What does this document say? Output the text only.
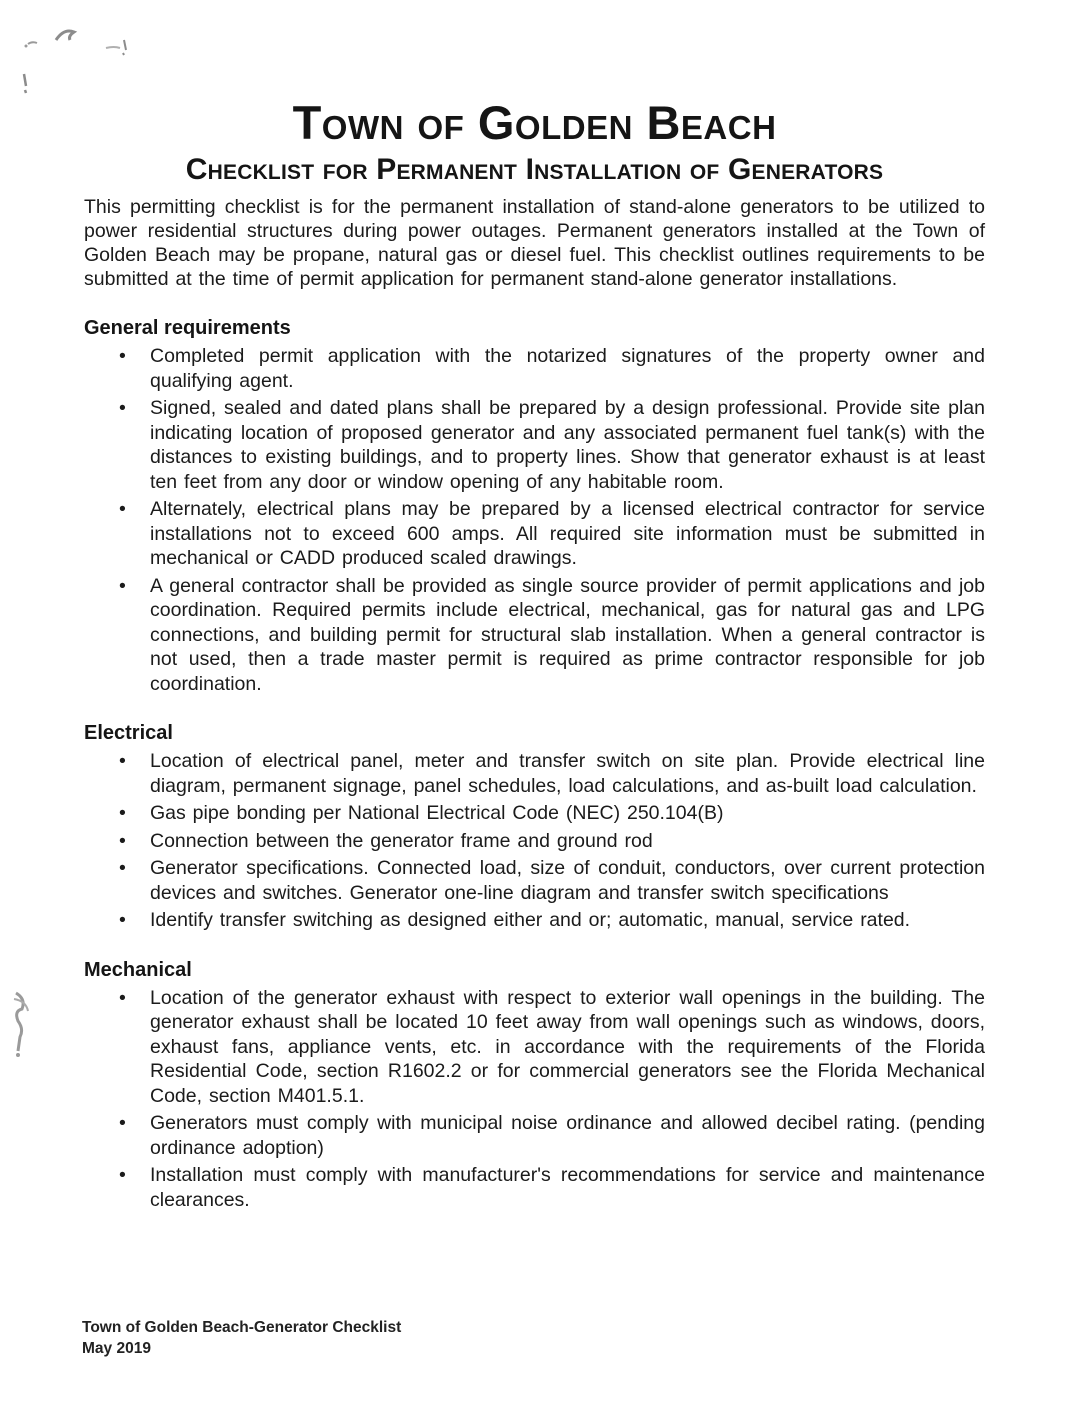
Town of Golden Beach
Checklist for Permanent Installation of Generators

This permitting checklist is for the permanent installation of stand-alone generators to be utilized to power residential structures during power outages. Permanent generators installed at the Town of Golden Beach may be propane, natural gas or diesel fuel. This checklist outlines requirements to be submitted at the time of permit application for permanent stand-alone generator installations.

General requirements
• Completed permit application with the notarized signatures of the property owner and qualifying agent.
• Signed, sealed and dated plans shall be prepared by a design professional. Provide site plan indicating location of proposed generator and any associated permanent fuel tank(s) with the distances to existing buildings, and to property lines. Show that generator exhaust is at least ten feet from any door or window opening of any habitable room.
• Alternately, electrical plans may be prepared by a licensed electrical contractor for service installations not to exceed 600 amps. All required site information must be submitted in mechanical or CADD produced scaled drawings.
• A general contractor shall be provided as single source provider of permit applications and job coordination. Required permits include electrical, mechanical, gas for natural gas and LPG connections, and building permit for structural slab installation. When a general contractor is not used, then a trade master permit is required as prime contractor responsible for job coordination.
Electrical
• Location of electrical panel, meter and transfer switch on site plan. Provide electrical line diagram, permanent signage, panel schedules, load calculations, and as-built load calculation.
• Gas pipe bonding per National Electrical Code (NEC) 250.104(B)
• Connection between the generator frame and ground rod
• Generator specifications. Connected load, size of conduit, conductors, over current protection devices and switches. Generator one-line diagram and transfer switch specifications
• Identify transfer switching as designed either and or; automatic, manual, service rated.
Mechanical
• Location of the generator exhaust with respect to exterior wall openings in the building. The generator exhaust shall be located 10 feet away from wall openings such as windows, doors, exhaust fans, appliance vents, etc. in accordance with the requirements of the Florida Residential Code, section R1602.2 or for commercial generators see the Florida Mechanical Code, section M401.5.1.
• Generators must comply with municipal noise ordinance and allowed decibel rating. (pending ordinance adoption)
• Installation must comply with manufacturer's recommendations for service and maintenance clearances.
Town of Golden Beach-Generator Checklist
May 2019
